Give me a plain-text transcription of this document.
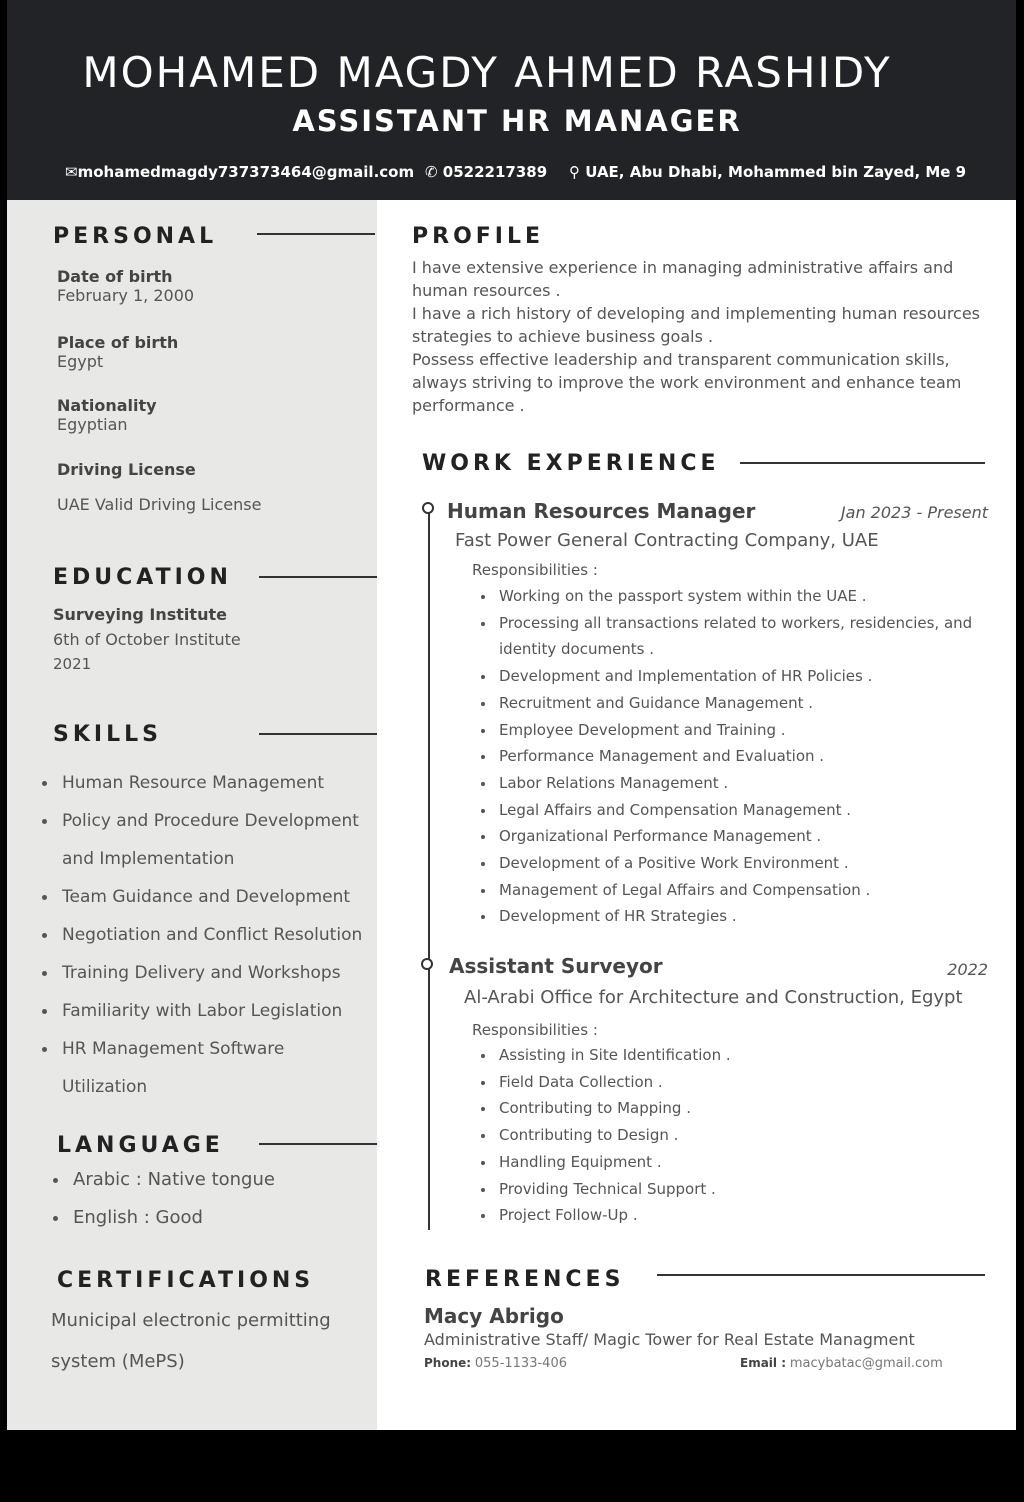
MOHAMED MAGDY AHMED RASHIDY
ASSISTANT HR MANAGER
✉mohamedmagdy737373464@gmail.com ✆ 0522217389 ⚲ UAE, Abu Dhabi, Mohammed bin Zayed, Me 9
PERSONAL
Date of birth
February 1, 2000
Place of birth
Egypt
Nationality
Egyptian
Driving License
UAE Valid Driving License
EDUCATION
Surveying Institute
6th of October Institute
2021
SKILLS
Human Resource Management
Policy and Procedure Development and Implementation
Team Guidance and Development
Negotiation and Conflict Resolution
Training Delivery and Workshops
Familiarity with Labor Legislation
HR Management Software Utilization
LANGUAGE
Arabic : Native tongue
English : Good
CERTIFICATIONS
Municipal electronic permitting system (MePS)
PROFILE
I have extensive experience in managing administrative affairs and human resources .
I have a rich history of developing and implementing human resources strategies to achieve business goals .
Possess effective leadership and transparent communication skills, always striving to improve the work environment and enhance team performance .
WORK EXPERIENCE
Human Resources Manager	Jan 2023 - Present
Fast Power General Contracting Company, UAE
Responsibilities :
Working on the passport system within the UAE .
Processing all transactions related to workers, residencies, and identity documents .
Development and Implementation of HR Policies .
Recruitment and Guidance Management .
Employee Development and Training .
Performance Management and Evaluation .
Labor Relations Management .
Legal Affairs and Compensation Management .
Organizational Performance Management .
Development of a Positive Work Environment .
Management of Legal Affairs and Compensation .
Development of HR Strategies .
Assistant Surveyor	2022
Al-Arabi Office for Architecture and Construction, Egypt
Responsibilities :
Assisting in Site Identification .
Field Data Collection .
Contributing to Mapping .
Contributing to Design .
Handling Equipment .
Providing Technical Support .
Project Follow-Up .
REFERENCES
Macy Abrigo
Administrative Staff/ Magic Tower for Real Estate Managment
Phone: 055-1133-406	Email : macybatac@gmail.com
